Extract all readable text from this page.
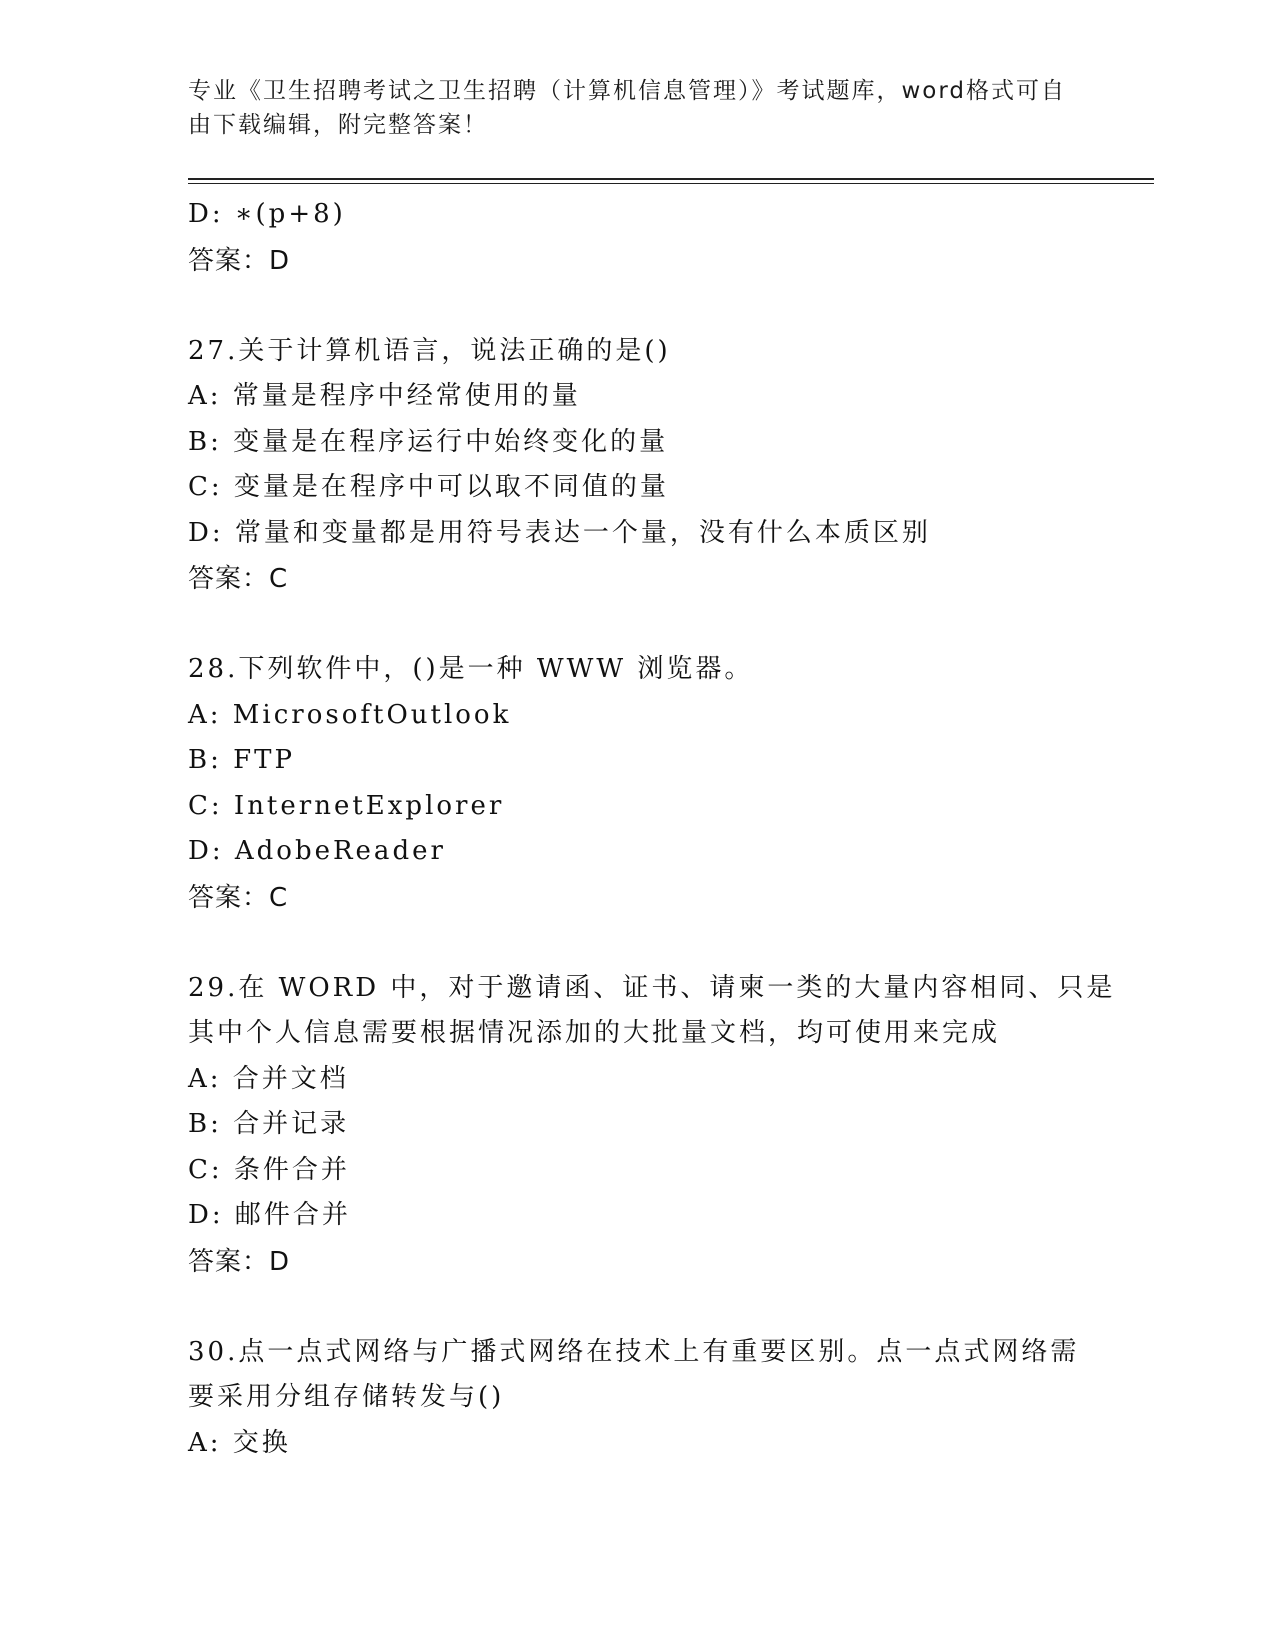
专业《卫生招聘考试之卫生招聘（计算机信息管理）》考试题库，word格式可自
由下载编辑，附完整答案！
D: ∗(p+8)
答案：D
27.关于计算机语言，说法正确的是()
A: 常量是程序中经常使用的量
B: 变量是在程序运行中始终变化的量
C: 变量是在程序中可以取不同值的量
D: 常量和变量都是用符号表达一个量，没有什么本质区别
答案：C
28.下列软件中，()是一种 WWW 浏览器。
A: MicrosoftOutlook
B: FTP
C: InternetExplorer
D: AdobeReader
答案：C
29.在 WORD 中，对于邀请函、证书、请柬一类的大量内容相同、只是
其中个人信息需要根据情况添加的大批量文档，均可使用来完成
A: 合并文档
B: 合并记录
C: 条件合并
D: 邮件合并
答案：D
30.点一点式网络与广播式网络在技术上有重要区别。点一点式网络需
要采用分组存储转发与()
A: 交换
